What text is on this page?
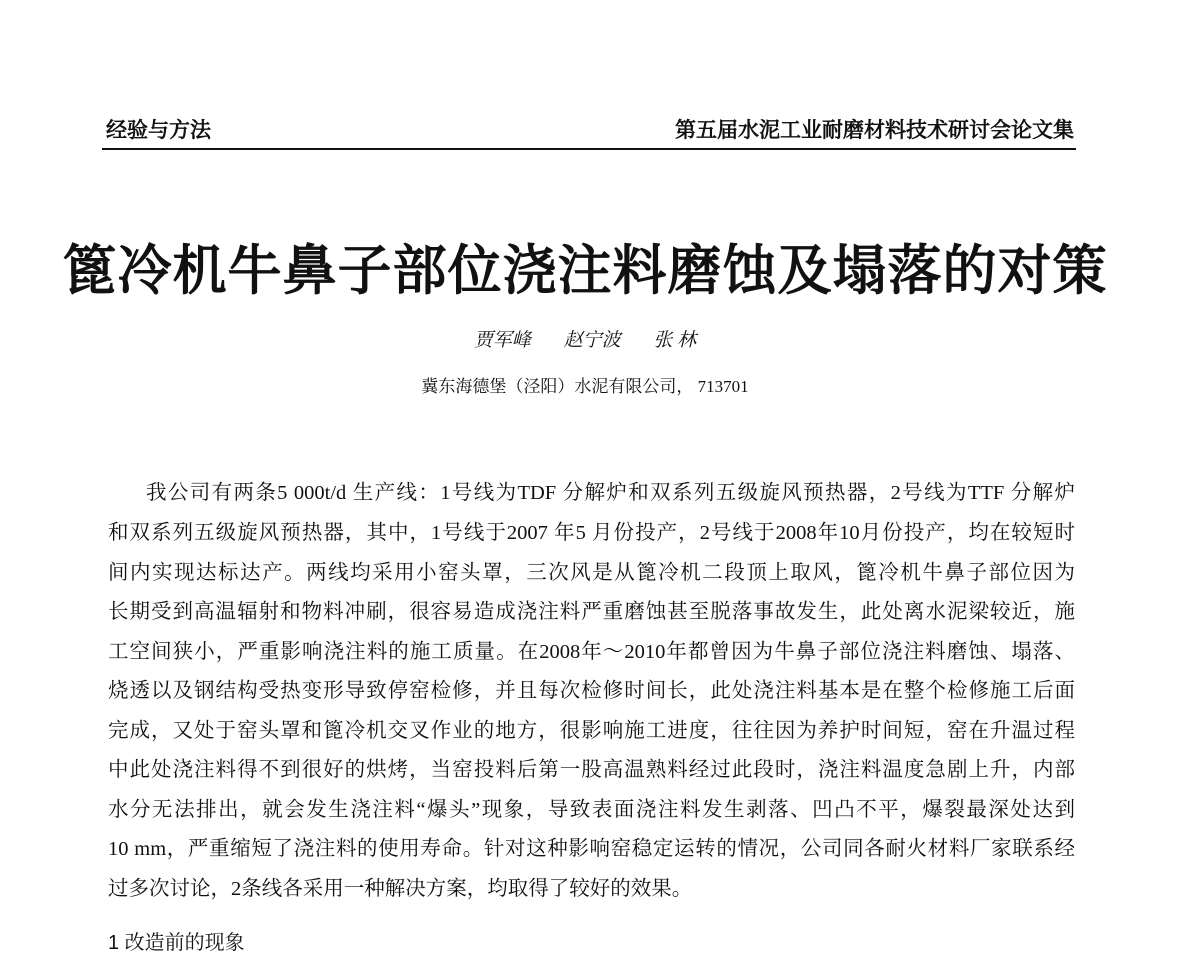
经验与方法	第五届水泥工业耐磨材料技术研讨会论文集
篦冷机牛鼻子部位浇注料磨蚀及塌落的对策
贾军峰 赵宁波 张 林
冀东海德堡（泾阳）水泥有限公司， 713701
我公司有两条5 000t/d 生产线：1号线为TDF 分解炉和双系列五级旋风预热器，2号线为TTF 分解炉
和双系列五级旋风预热器，其中，1号线于2007 年5 月份投产，2号线于2008年10月份投产，均在较短时
间内实现达标达产。两线均采用小窑头罩，三次风是从篦冷机二段顶上取风，篦冷机牛鼻子部位因为
长期受到高温辐射和物料冲刷，很容易造成浇注料严重磨蚀甚至脱落事故发生，此处离水泥梁较近，施
工空间狭小，严重影响浇注料的施工质量。在2008年～2010年都曾因为牛鼻子部位浇注料磨蚀、塌落、
烧透以及钢结构受热变形导致停窑检修，并且每次检修时间长，此处浇注料基本是在整个检修施工后面
完成，又处于窑头罩和篦冷机交叉作业的地方，很影响施工进度，往往因为养护时间短，窑在升温过程
中此处浇注料得不到很好的烘烤，当窑投料后第一股高温熟料经过此段时，浇注料温度急剧上升，内部
水分无法排出，就会发生浇注料“爆头”现象，导致表面浇注料发生剥落、凹凸不平，爆裂最深处达到
10 mm，严重缩短了浇注料的使用寿命。针对这种影响窑稳定运转的情况，公司同各耐火材料厂家联系经
过多次讨论，2条线各采用一种解决方案，均取得了较好的效果。
1 改造前的现象
